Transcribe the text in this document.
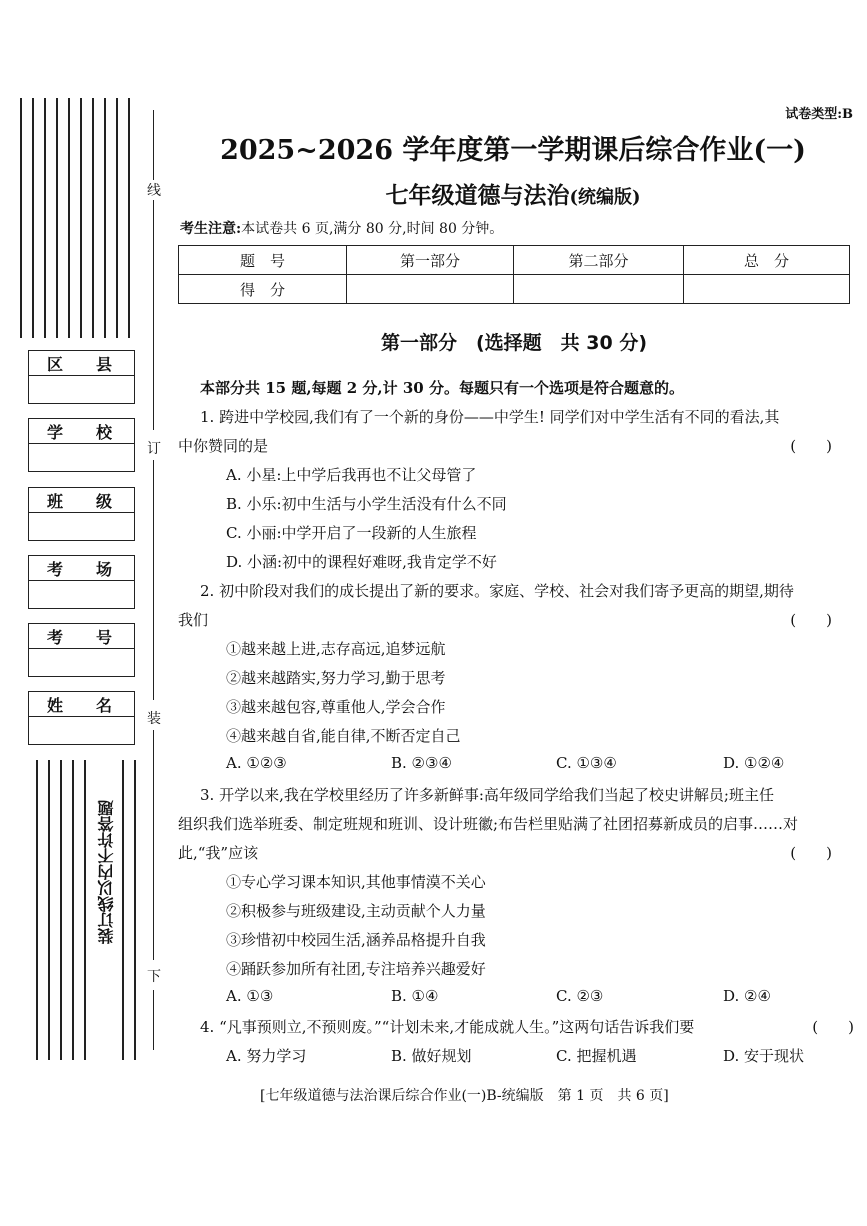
线
订
装
下
区 县
学 校
班 级
考 场
考 号
姓 名
装订线以内不许答题
试卷类型:B
2025~2026 学年度第一学期课后综合作业(一)
七年级道德与法治(统编版)
考生注意:本试卷共 6 页,满分 80 分,时间 80 分钟。
题　号	第一部分	第二部分	总　分
得　分			
第一部分　(选择题　共 30 分)
本部分共 15 题,每题 2 分,计 30 分。每题只有一个选项是符合题意的。
1. 跨进中学校园,我们有了一个新的身份——中学生! 同学们对中学生活有不同的看法,其
中你赞同的是	(　　)
A. 小星:上中学后我再也不让父母管了
B. 小乐:初中生活与小学生活没有什么不同
C. 小丽:中学开启了一段新的人生旅程
D. 小涵:初中的课程好难呀,我肯定学不好
2. 初中阶段对我们的成长提出了新的要求。家庭、学校、社会对我们寄予更高的期望,期待
我们	(　　)
①越来越上进,志存高远,追梦远航
②越来越踏实,努力学习,勤于思考
③越来越包容,尊重他人,学会合作
④越来越自省,能自律,不断否定自己
A. ①②③	B. ②③④	C. ①③④	D. ①②④
3. 开学以来,我在学校里经历了许多新鲜事:高年级同学给我们当起了校史讲解员;班主任
组织我们选举班委、制定班规和班训、设计班徽;布告栏里贴满了社团招募新成员的启事……对
此,“我”应该	(　　)
①专心学习课本知识,其他事情漠不关心
②积极参与班级建设,主动贡献个人力量
③珍惜初中校园生活,涵养品格提升自我
④踊跃参加所有社团,专注培养兴趣爱好
A. ①③	B. ①④	C. ②③	D. ②④
4. “凡事预则立,不预则废。”“计划未来,才能成就人生。”这两句话告诉我们要	(　　)
A. 努力学习	B. 做好规划	C. 把握机遇	D. 安于现状
[七年级道德与法治课后综合作业(一)B-统编版　第 1 页　共 6 页]
